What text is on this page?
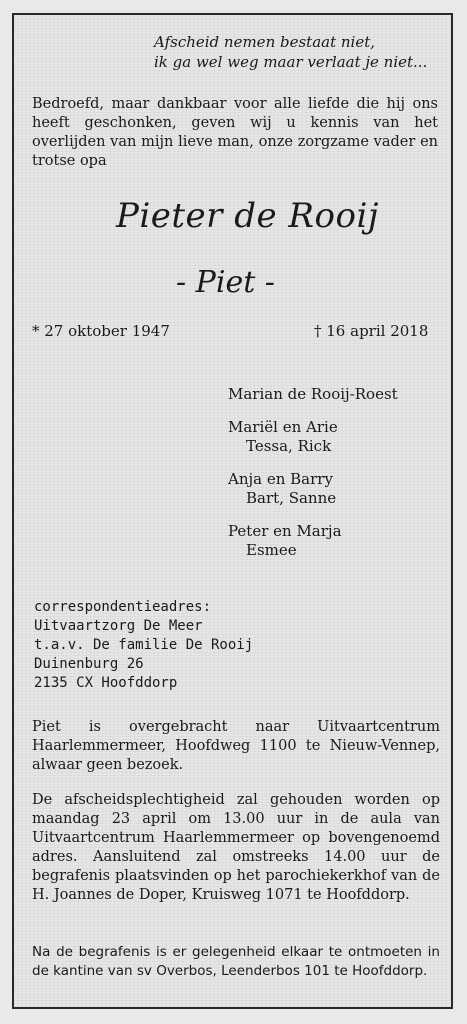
Afscheid nemen bestaat niet,
ik ga wel weg maar verlaat je niet...
Bedroefd, maar dankbaar voor alle liefde die hij ons heeft geschonken, geven wij u kennis van het overlijden van mijn lieve man, onze zorgzame vader en trotse opa
Pieter de Rooij
- Piet -
* 27 oktober 1947	† 16 april 2018
Marian de Rooij-Roest
Mariël en Arie
Tessa, Rick
Anja en Barry
Bart, Sanne
Peter en Marja
Esmee
correspondentieadres:
Uitvaartzorg De Meer
t.a.v. De familie De Rooij
Duinenburg 26
2135 CX Hoofddorp
Piet is overgebracht naar Uitvaartcentrum Haarlemmermeer, Hoofdweg 1100 te Nieuw-Vennep, alwaar geen bezoek.
De afscheidsplechtigheid zal gehouden worden op maandag 23 april om 13.00 uur in de aula van Uitvaartcentrum Haarlemmermeer op bovengenoemd adres. Aansluitend zal omstreeks 14.00 uur de begrafenis plaatsvinden op het parochiekerkhof van de H. Joannes de Doper, Kruisweg 1071 te Hoofddorp.
Na de begrafenis is er gelegenheid elkaar te ontmoeten in de kantine van sv Overbos, Leenderbos 101 te Hoofddorp.
